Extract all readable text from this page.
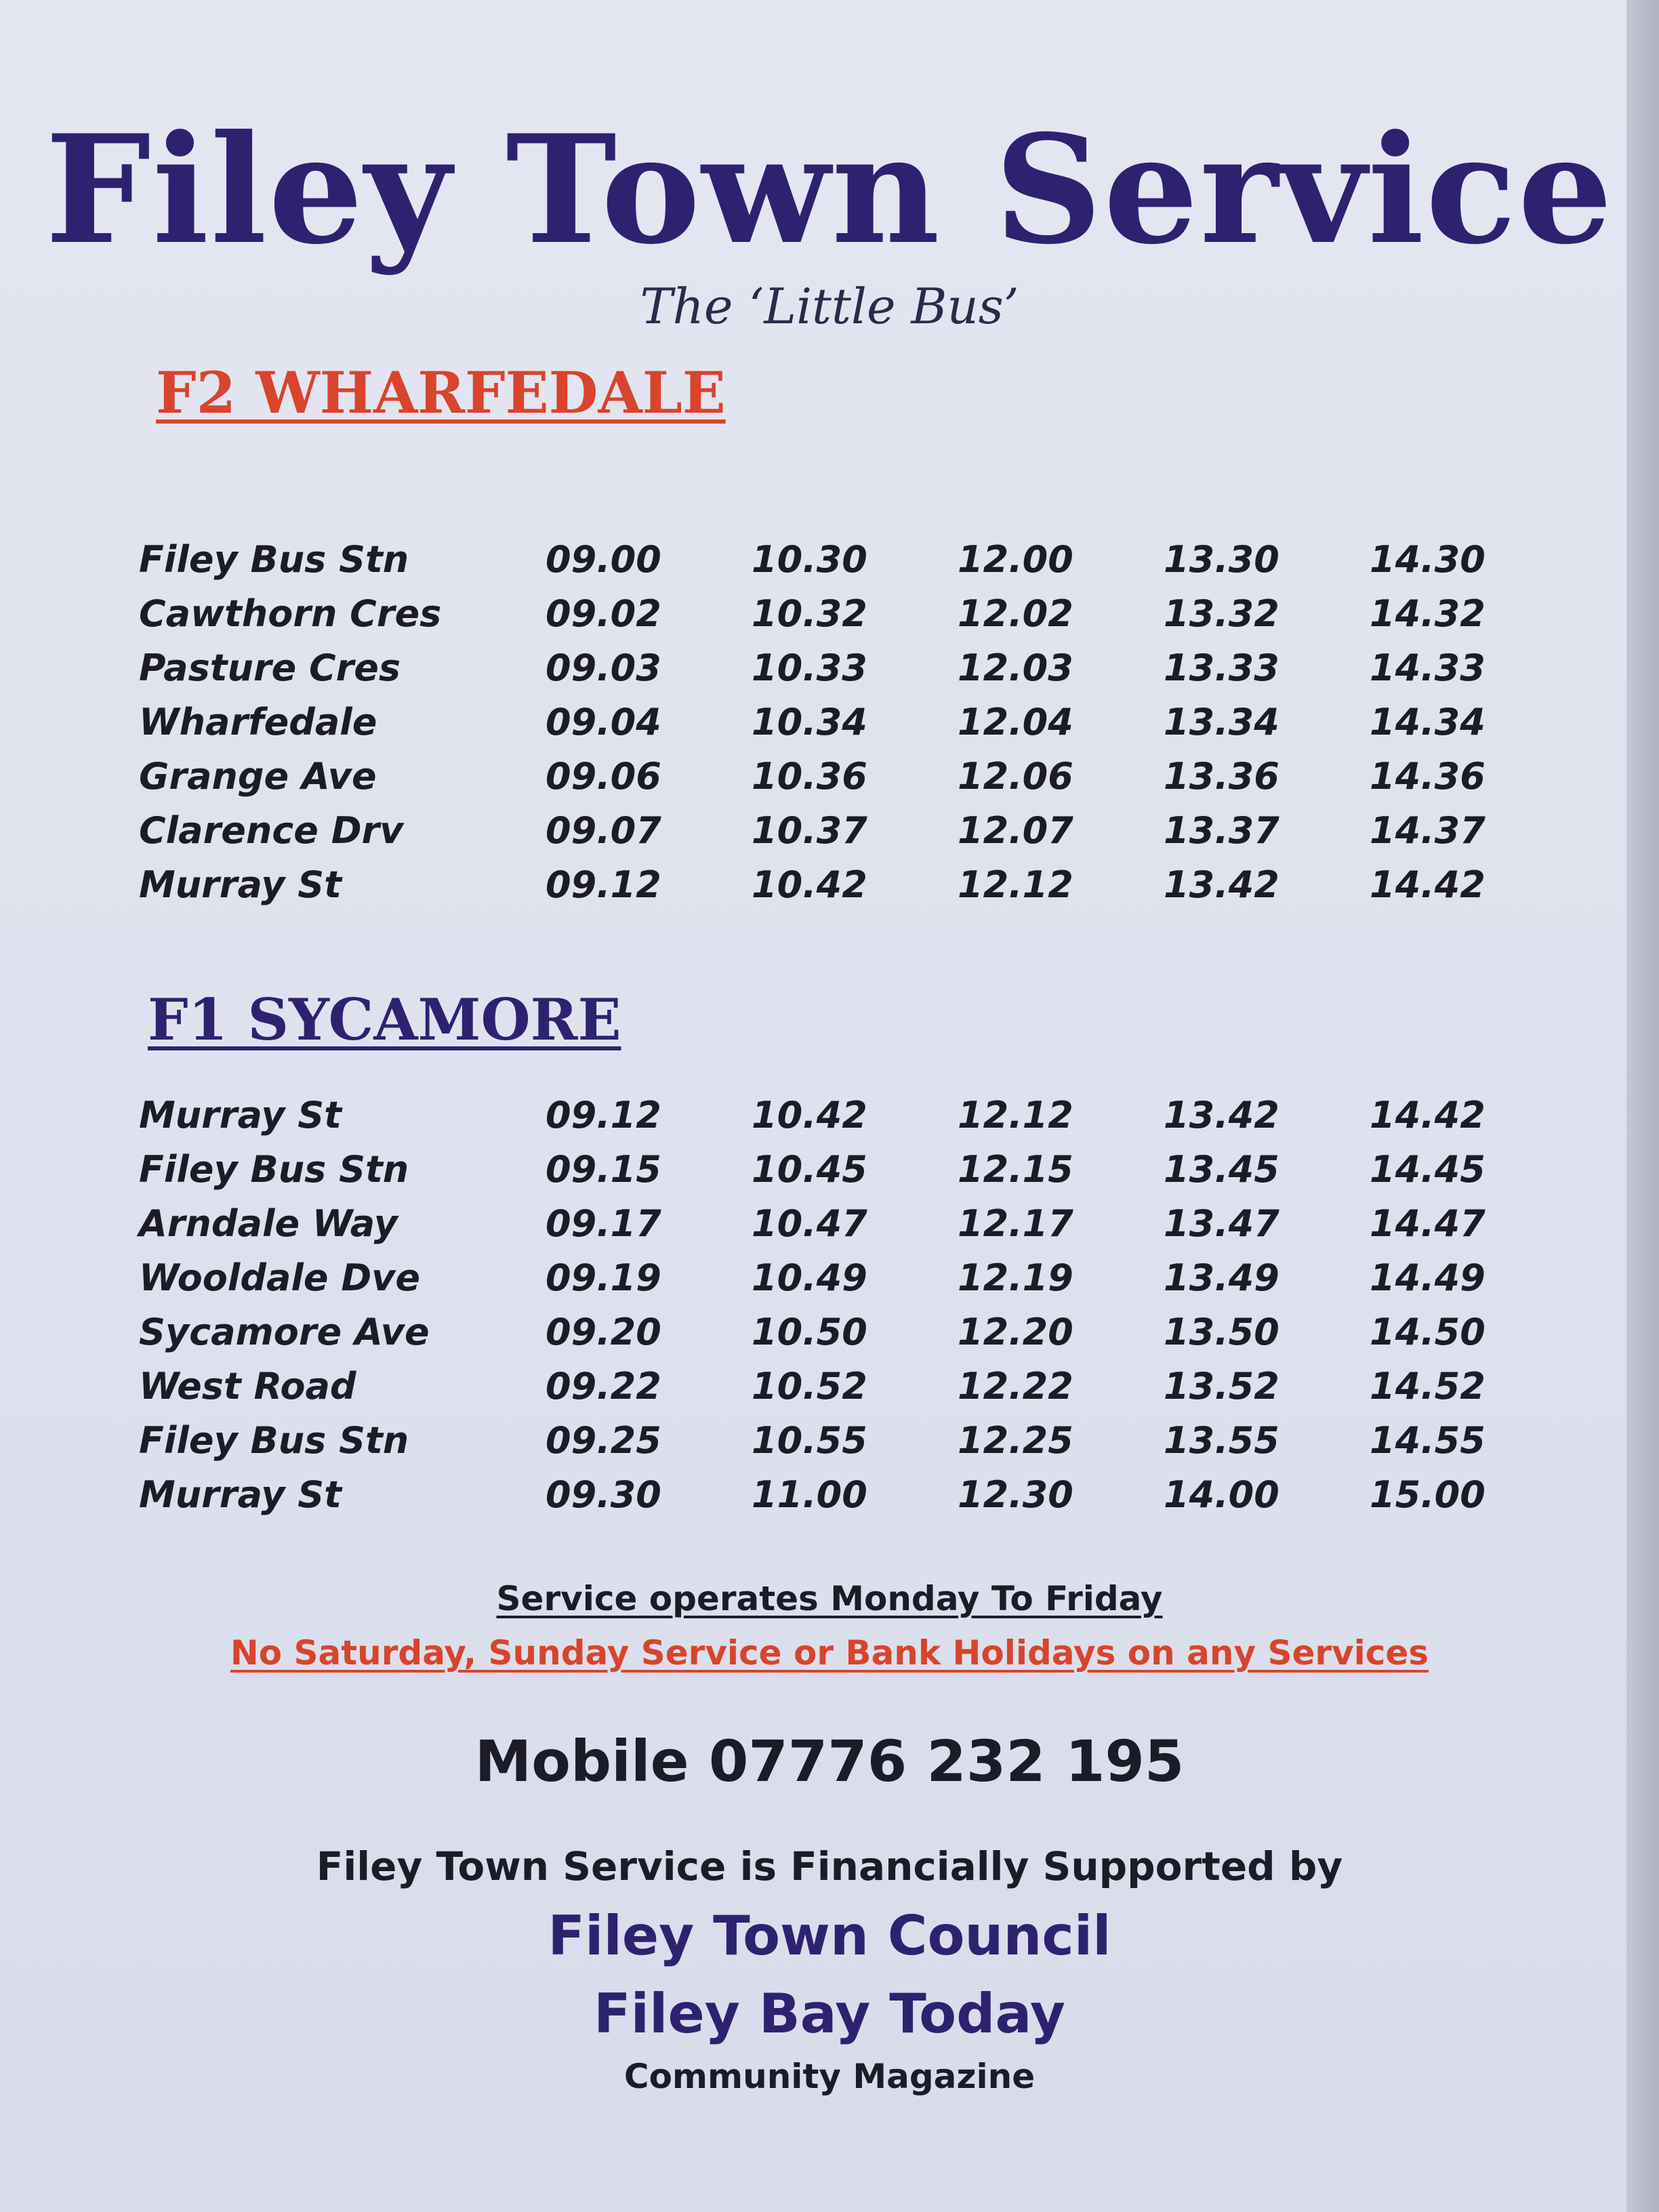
Filey Town Service
The ‘Little Bus’
F2 WHARFEDALE
Filey Bus Stn	09.00	10.30	12.00	13.30	14.30
Cawthorn Cres	09.02	10.32	12.02	13.32	14.32
Pasture Cres	09.03	10.33	12.03	13.33	14.33
Wharfedale	09.04	10.34	12.04	13.34	14.34
Grange Ave	09.06	10.36	12.06	13.36	14.36
Clarence Drv	09.07	10.37	12.07	13.37	14.37
Murray St	09.12	10.42	12.12	13.42	14.42
F1 SYCAMORE
Murray St	09.12	10.42	12.12	13.42	14.42
Filey Bus Stn	09.15	10.45	12.15	13.45	14.45
Arndale Way	09.17	10.47	12.17	13.47	14.47
Wooldale Dve	09.19	10.49	12.19	13.49	14.49
Sycamore Ave	09.20	10.50	12.20	13.50	14.50
West Road	09.22	10.52	12.22	13.52	14.52
Filey Bus Stn	09.25	10.55	12.25	13.55	14.55
Murray St	09.30	11.00	12.30	14.00	15.00
Service operates Monday To Friday
No Saturday, Sunday Service or Bank Holidays on any Services
Mobile 07776 232 195
Filey Town Service is Financially Supported by
Filey Town Council
Filey Bay Today
Community Magazine
